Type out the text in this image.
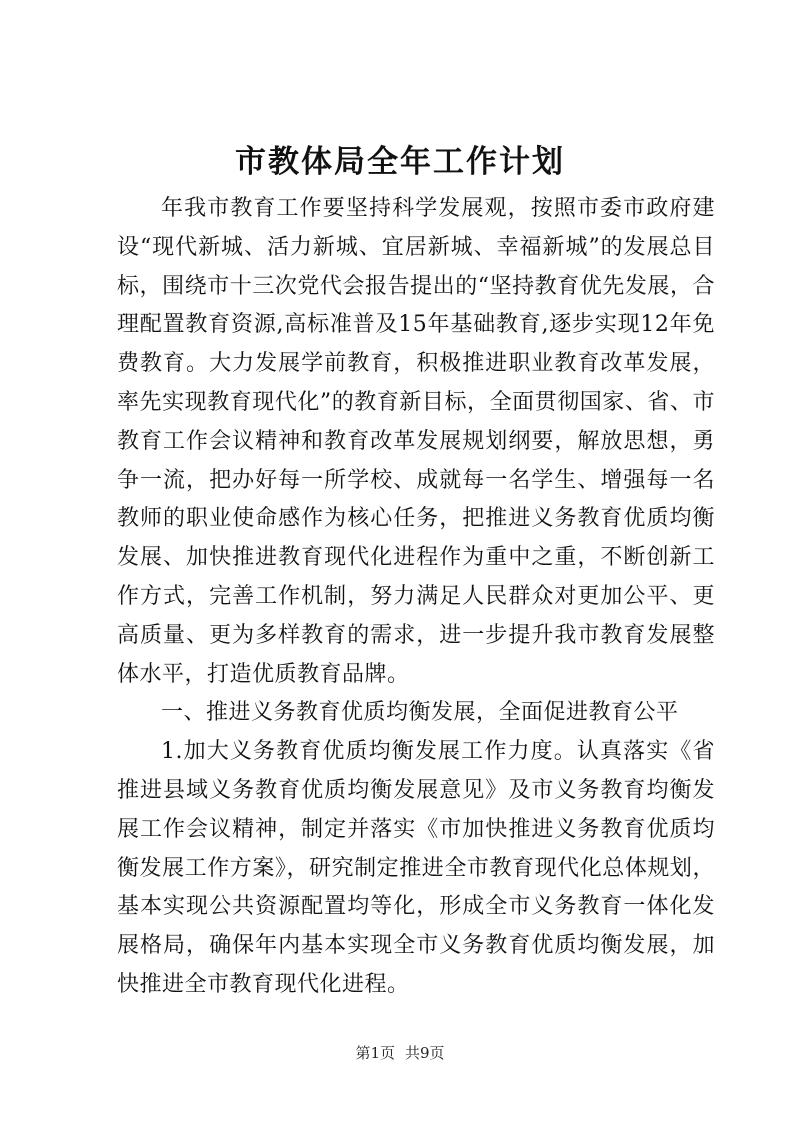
市教体局全年工作计划

年我市教育工作要坚持科学发展观，按照市委市政府建设“现代新城、活力新城、宜居新城、幸福新城”的发展总目标，围绕市十三次党代会报告提出的“坚持教育优先发展，合理配置教育资源,高标准普及15年基础教育,逐步实现12年免费教育。大力发展学前教育，积极推进职业教育改革发展，率先实现教育现代化”的教育新目标，全面贯彻国家、省、市教育工作会议精神和教育改革发展规划纲要，解放思想，勇争一流，把办好每一所学校、成就每一名学生、增强每一名教师的职业使命感作为核心任务，把推进义务教育优质均衡发展、加快推进教育现代化进程作为重中之重，不断创新工作方式，完善工作机制，努力满足人民群众对更加公平、更高质量、更为多样教育的需求，进一步提升我市教育发展整体水平，打造优质教育品牌。

一、推进义务教育优质均衡发展，全面促进教育公平

1.加大义务教育优质均衡发展工作力度。认真落实《省推进县域义务教育优质均衡发展意见》及市义务教育均衡发展工作会议精神，制定并落实《市加快推进义务教育优质均衡发展工作方案》，研究制定推进全市教育现代化总体规划，基本实现公共资源配置均等化，形成全市义务教育一体化发展格局，确保年内基本实现全市义务教育优质均衡发展，加快推进全市教育现代化进程。

第1页 共9页
